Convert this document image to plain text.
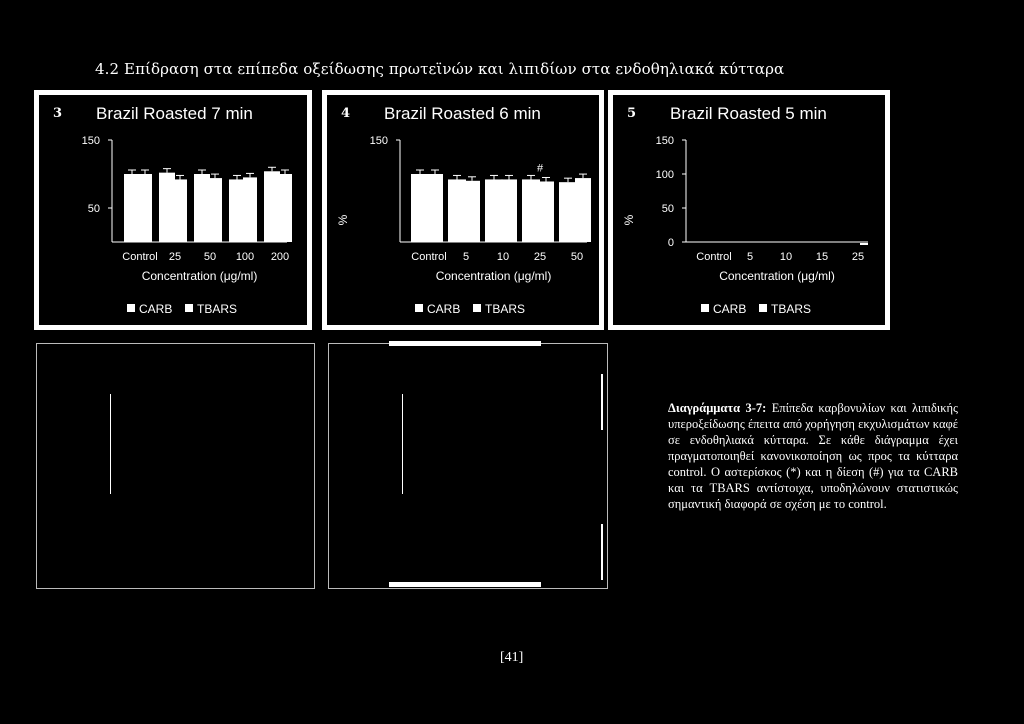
4.2 Επίδραση στα επίπεδα οξείδωσης πρωτεϊνών και λιπιδίων στα ενδοθηλιακά κύτταρα
3 Brazil Roasted 7 min
50
150
Control 25 50 100 200
Concentration (μg/ml)
CARB TBARS
4 Brazil Roasted 6 min
150
%
Control 5	10 25 50
#
Concentration (μg/ml)
CARB TBARS
5 Brazil Roasted 5 min
0
50
100
150
%
Control 5 10 15 25
Concentration (μg/ml)
CARB TBARS
Διαγράμματα 3-7: Επίπεδα καρβονυλίων και λιπιδικής υπεροξείδωσης έπειτα από χορήγηση εκχυλισμάτων καφέ σε ενδοθηλιακά κύτταρα. Σε κάθε διάγραμμα έχει πραγματοποιηθεί κανονικοποίηση ως προς τα κύτταρα control. Ο αστερίσκος (*) και η δίεση (#) για τα CARB και τα TBARS αντίστοιχα, υποδηλώνουν στατιστικώς σημαντική διαφορά σε σχέση με το control.
[41]
